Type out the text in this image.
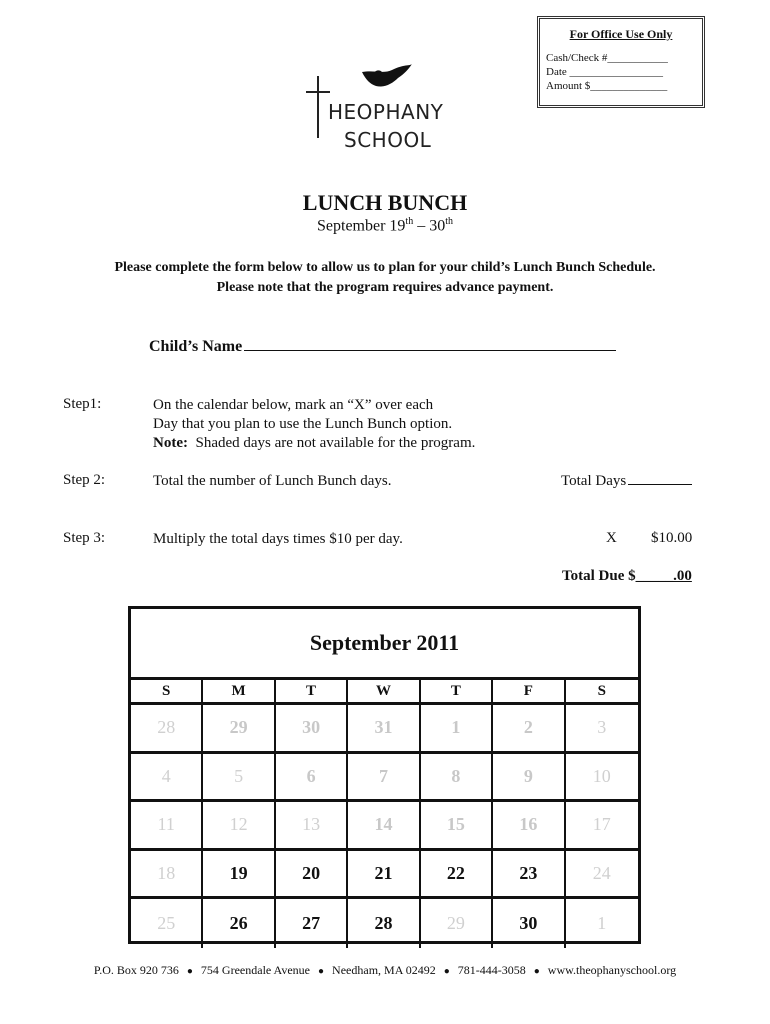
For Office Use Only
Cash/Check #___________
Date _________________
Amount $______________
HEOPHANY
SCHOOL
LUNCH BUNCH
September 19th – 30th
Please complete the form below to allow us to plan for your child’s Lunch Bunch Schedule.
Please note that the program requires advance payment.
Child’s Name
Step1:	On the calendar below, mark an “X” over each
Day that you plan to use the Lunch Bunch option.
Note:  Shaded days are not available for the program.
Step 2:	Total the number of Lunch Bunch days.	Total Days
Step 3:	Multiply the total days times $10 per day.	X $10.00
Total Due $_____.00
September 2011
S	M	T	W	T	F	S
28	29	30	31	1	2	3
4	5	6	7	8	9	10
11	12	13	14	15	16	17
18	19	20	21	22	23	24
25	26	27	28	29	30	1
P.O. Box 920 736 ● 754 Greendale Avenue ● Needham, MA 02492 ● 781-444-3058 ● www.theophanyschool.org
